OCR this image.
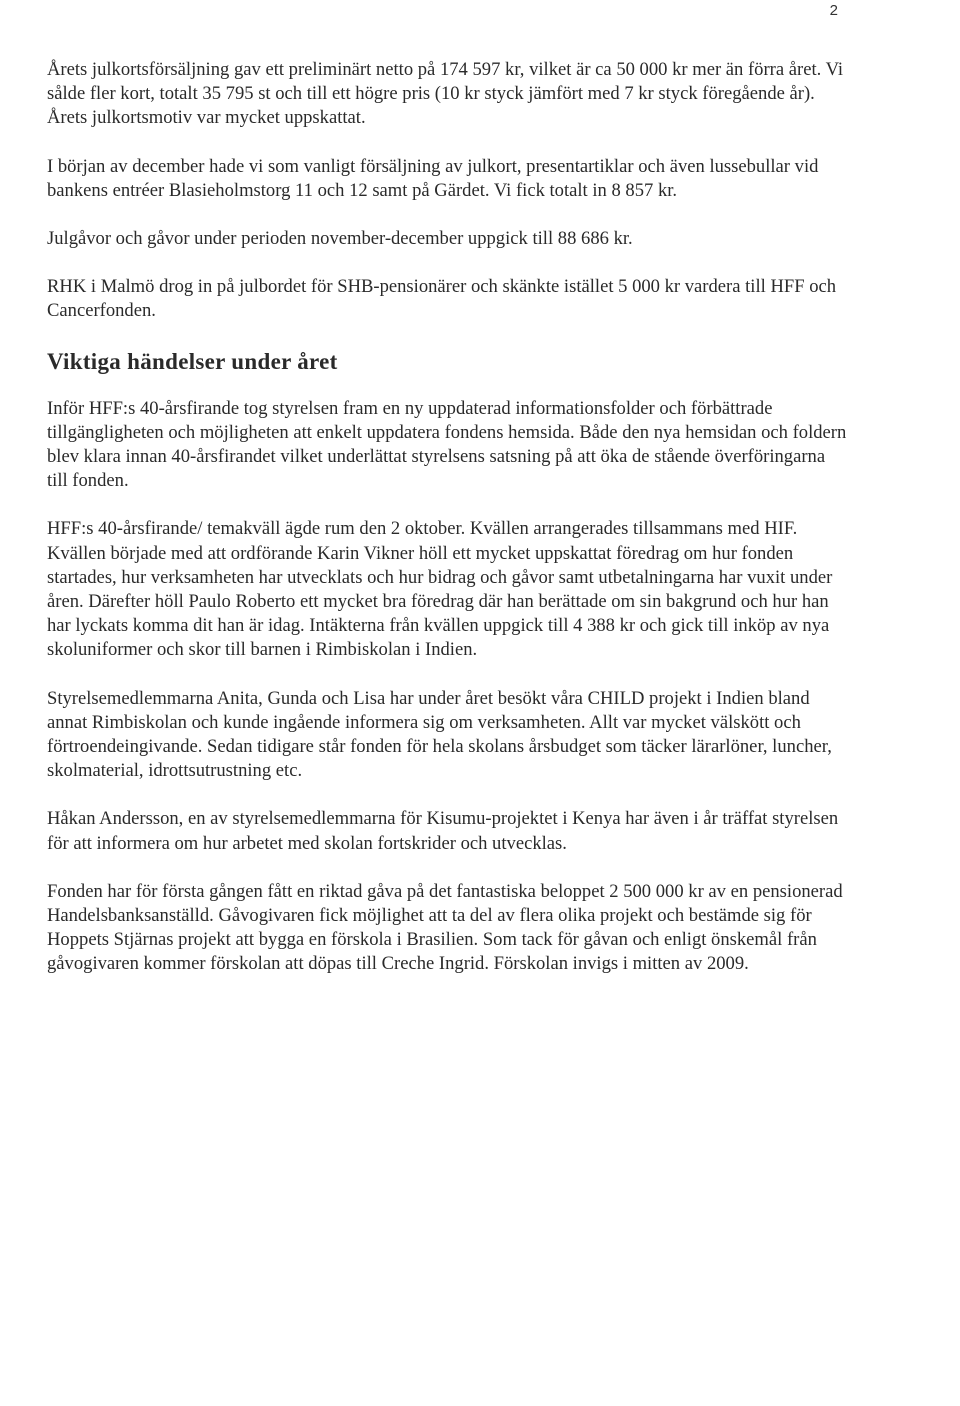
2

Årets julkortsförsäljning gav ett preliminärt netto på 174 597 kr, vilket är ca 50 000 kr mer än förra året. Vi sålde fler kort, totalt 35 795 st och till ett högre pris (10 kr styck jämfört med 7 kr styck föregående år). Årets julkortsmotiv var mycket uppskattat.

I början av december hade vi som vanligt försäljning av julkort, presentartiklar och även lussebullar vid bankens entréer Blasieholmstorg 11 och 12 samt på Gärdet. Vi fick totalt in 8 857 kr.

Julgåvor och gåvor under perioden november-december uppgick till 88 686 kr.

RHK i Malmö drog in på julbordet för SHB-pensionärer och skänkte istället 5 000 kr vardera till HFF och Cancerfonden.

Viktiga händelser under året

Inför HFF:s 40-årsfirande tog styrelsen fram en ny uppdaterad informationsfolder och förbättrade tillgängligheten och möjligheten att enkelt uppdatera fondens hemsida. Både den nya hemsidan och foldern blev klara innan 40-årsfirandet vilket underlättat styrelsens satsning på att öka de stående överföringarna till fonden.

HFF:s 40-årsfirande/ temakväll ägde rum den 2 oktober. Kvällen arrangerades tillsammans med HIF. Kvällen började med att ordförande Karin Vikner höll ett mycket uppskattat föredrag om hur fonden startades, hur verksamheten har utvecklats och hur bidrag och gåvor samt utbetalningarna har vuxit under åren. Därefter höll Paulo Roberto ett mycket bra föredrag där han berättade om sin bakgrund och hur han har lyckats komma dit han är idag. Intäkterna från kvällen uppgick till 4 388 kr och gick till inköp av nya skoluniformer och skor till barnen i Rimbiskolan i Indien.

Styrelsemedlemmarna Anita, Gunda och Lisa har under året besökt våra CHILD projekt i Indien bland annat Rimbiskolan och kunde ingående informera sig om verksamheten. Allt var mycket välskött och förtroendeingivande. Sedan tidigare står fonden för hela skolans årsbudget som täcker lärarlöner, luncher, skolmaterial, idrottsutrustning etc.

Håkan Andersson, en av styrelsemedlemmarna för Kisumu-projektet i Kenya har även i år träffat styrelsen för att informera om hur arbetet med skolan fortskrider och utvecklas.

Fonden har för första gången fått en riktad gåva på det fantastiska beloppet 2 500 000 kr av en pensionerad Handelsbanksanställd. Gåvogivaren fick möjlighet att ta del av flera olika projekt och bestämde sig för Hoppets Stjärnas projekt att bygga en förskola i Brasilien. Som tack för gåvan och enligt önskemål från gåvogivaren kommer förskolan att döpas till Creche Ingrid. Förskolan invigs i mitten av 2009.
